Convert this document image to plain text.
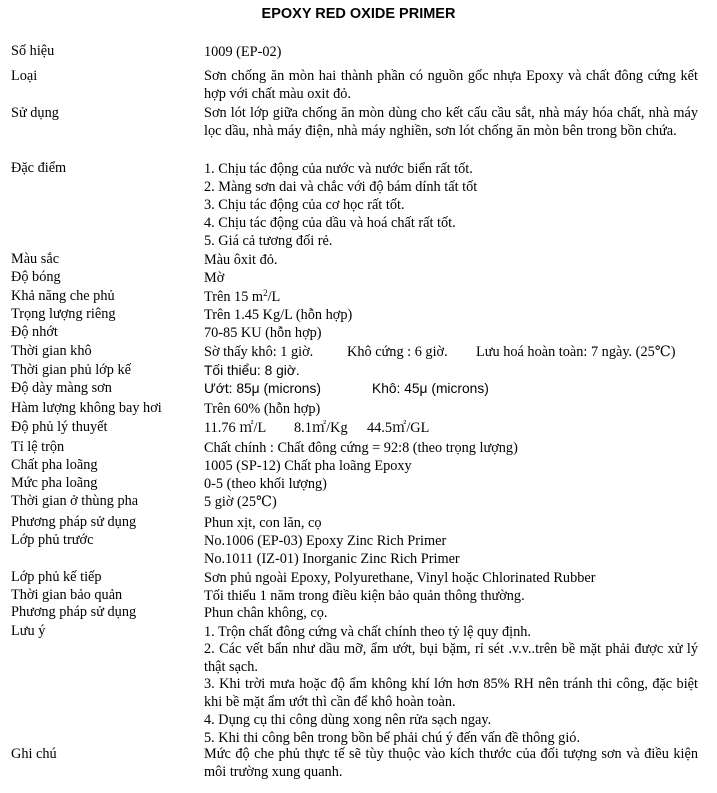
EPOXY RED OXIDE PRIMER
Số hiệu	1009 (EP-02)
Loại	Sơn chống ăn mòn hai thành phần có nguồn gốc nhựa Epoxy và chất đông cứng kết hợp với chất màu oxit đỏ.
Sử dụng	Sơn lót lớp giữa chống ăn mòn dùng cho kết cấu cầu sắt, nhà máy hóa chất, nhà máy lọc dầu, nhà máy điện, nhà máy nghiền, sơn lót chống ăn mòn bên trong bồn chứa.
Đặc điểm	1. Chịu tác động của nước và nước biển rất tốt.
2. Màng sơn dai và chắc với độ bám dính tất tốt
3. Chịu tác động của cơ học rất tốt.
4. Chịu tác động của dầu và hoá chất rất tốt.
5. Giá cả tương đối rẻ.
Màu sắc	Màu ôxit đỏ.
Độ bóng	Mờ
Khả năng che phủ	Trên 15 $m^2/L$
Trọng lượng riêng	Trên 1.45 Kg/L (hỗn hợp)
Độ nhớt	70-85 KU (hỗn hợp)
Thời gian khô	Sờ thấy khô: 1 giờ. Khô cứng : 6 giờ. Lưu hoá hoàn toàn: 7 ngày. (25℃)
Thời gian phủ lớp kế	Tối thiểu: 8 giờ.
Độ dày màng sơn	Ướt: 85μ (microns)	Khô: 45μ (microns)
Hàm lượng không bay hơi	Trên 60% (hỗn hợp)
Độ phủ lý thuyết	11.76 ㎡/L 8.1㎡/Kg 44.5㎡/GL
Tỉ lệ trộn	Chất chính : Chất đông cứng = 92:8 (theo trọng lượng)
Chất pha loãng	1005 (SP-12) Chất pha loãng Epoxy
Mức pha loãng	0-5 (theo khối lượng)
Thời gian ở thùng pha	5 giờ (25℃)
Phương pháp sử dụng	Phun xịt, con lăn, cọ
Lớp phủ trước	No.1006 (EP-03) Epoxy Zinc Rich Primer
No.1011 (IZ-01) Inorganic Zinc Rich Primer
Lớp phủ kế tiếp	Sơn phủ ngoài Epoxy, Polyurethane, Vinyl hoặc Chlorinated Rubber
Thời gian bảo quản	Tối thiểu 1 năm trong điều kiện bảo quản thông thường.
Phương pháp sử dụng	Phun chân không, cọ.
Lưu ý	1. Trộn chất đông cứng và chất chính theo tỷ lệ quy định.
2. Các vết bẩn như dầu mỡ, ẩm ướt, bụi bặm, rỉ sét .v.v..trên bề mặt phải được xử lý thật sạch.
3. Khi trời mưa hoặc độ ẩm không khí lớn hơn 85% RH nên tránh thi công, đặc biệt khi bề mặt ẩm ướt thì cần để khô hoàn toàn.
4. Dụng cụ thi công dùng xong nên rửa sạch ngay.
5. Khi thi công bên trong bồn bể phải chú ý đến vấn đề thông gió.
Ghi chú	Mức độ che phủ thực tế sẽ tùy thuộc vào kích thước của đối tượng sơn và điều kiện môi trường xung quanh.
